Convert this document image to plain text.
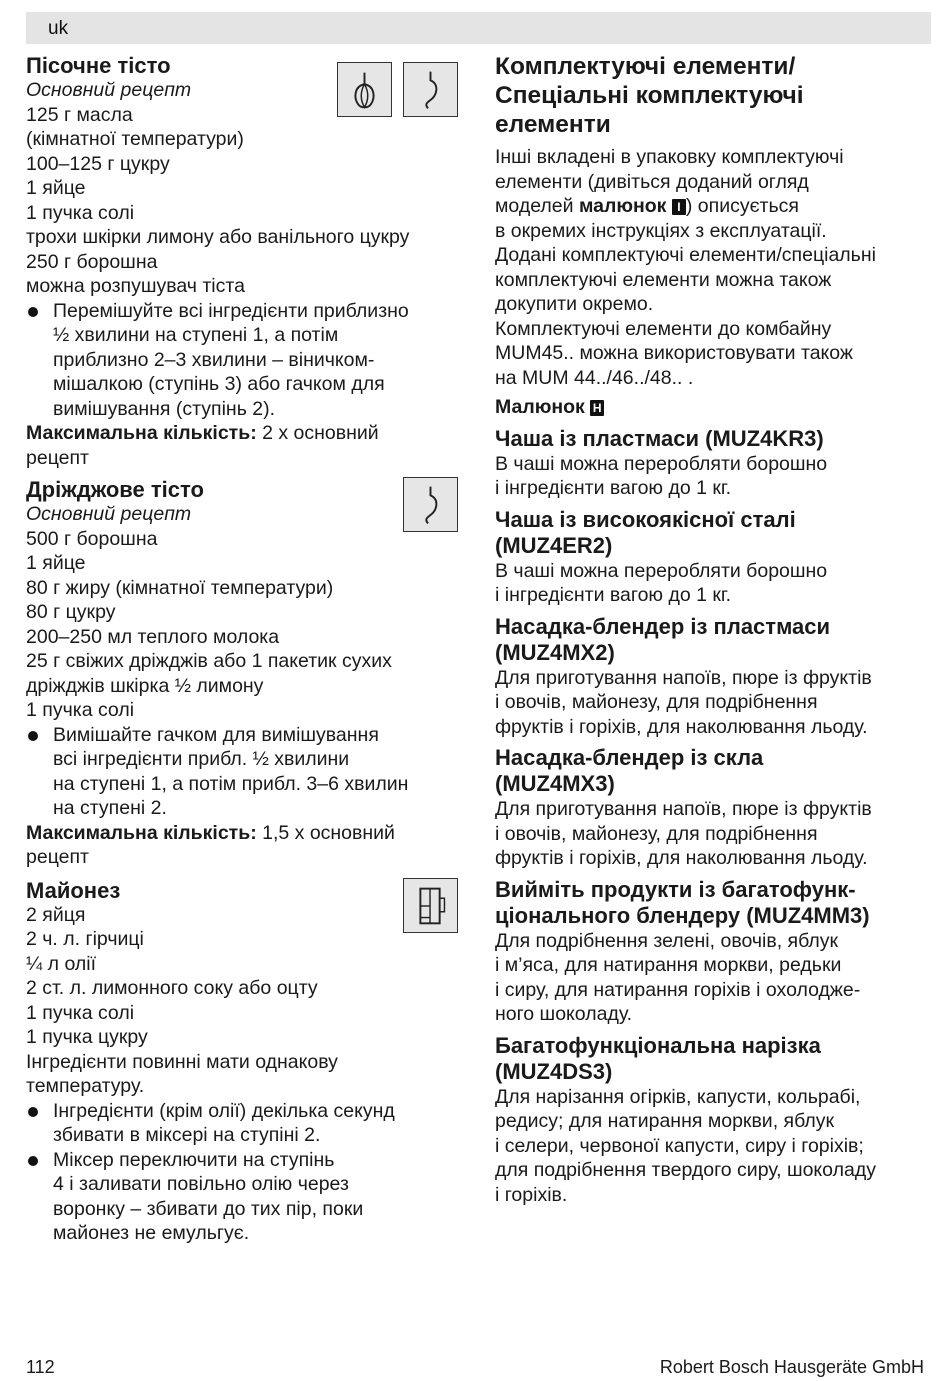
uk

Пісочне тісто

Основний рецепт

125 г масла

(кімнатної температури)

100–125 г цукру

1 яйце

1 пучка солі

трохи шкірки лимону або ванільного цукру

250 г борошна

можна розпушувач тіста

Перемішуйте всі інгредієнти приблизно
½ хвилини на ступені 1, а потім
приблизно 2–3 хвилини – віничком-
мішалкою (ступінь 3) або гачком для
вимішування (ступінь 2).

Максимальна кількість: 2 х основний

рецепт

Дріжджове тісто

Основний рецепт

500 г борошна

1 яйце

80 г жиру (кімнатної температури)

80 г цукру

200–250 мл теплого молока

25 г свіжих дріжджів або 1 пакетик сухих

дріжджів шкірка ½ лимону

1 пучка солі

Вимішайте гачком для вимішування
всі інгредієнти прибл. ½ хвилини
на ступені 1, а потім прибл. 3–6 хвилин
на ступені 2.

Максимальна кількість: 1,5 х основний

рецепт

Майонез

2 яйця

2 ч. л. гірчиці

¼ л олії

2 ст. л. лимонного соку або оцту

1 пучка солі

1 пучка цукру

Інгредієнти повинні мати однакову

температуру.

Інгредієнти (крім олії) декілька секунд
збивати в міксері на ступіні 2.
Міксер переключити на ступінь
4 і заливати повільно олію через
воронку – збивати до тих пір, поки
майонез не емульгує.

Комплектуючі елементи/

Спеціальні комплектуючі

елементи

Інші вкладені в упаковку комплектуючі

елементи (дивіться доданий огляд

моделей малюнок I ) описується

в окремих інструкціях з експлуатації.

Додані комплектуючі елементи/спеціальні

комплектуючі елементи можна також

докупити окремо.

Комплектуючі елементи до комбайну

MUM45.. можна використовувати також

на MUM 44../46../48.. .

Малюнок H

Чаша із пластмаси (MUZ4KR3)

В чаші можна переробляти борошно

і інгредієнти вагою до 1 кг.

Чаша із високоякісної сталі

(MUZ4ER2)

В чаші можна переробляти борошно

і інгредієнти вагою до 1 кг.

Насадка-блендер із пластмаси

(MUZ4MX2)

Для приготування напоїв, пюре із фруктів

і овочів, майонезу, для подрібнення

фруктів і горіхів, для наколювання льоду.

Насадка-блендер із скла

(MUZ4MX3)

Для приготування напоїв, пюре із фруктів

і овочів, майонезу, для подрібнення

фруктів і горіхів, для наколювання льоду.

Вийміть продукти із багатофунк-

ціонального блендеру (MUZ4MM3)

Для подрібнення зелені, овочів, яблук

і м’яса, для натирання моркви, редьки

і сиру, для натирання горіхів і охолодже-

ного шоколаду.

Багатофункціональна нарізка

(MUZ4DS3)

Для нарізання огірків, капусти, кольрабі,

редису; для натирання моркви, яблук

і селери, червоної капусти, сиру і горіхів;

для подрібнення твердого сиру, шоколаду

і горіхів.

112	Robert Bosch Hausgeräte GmbH
